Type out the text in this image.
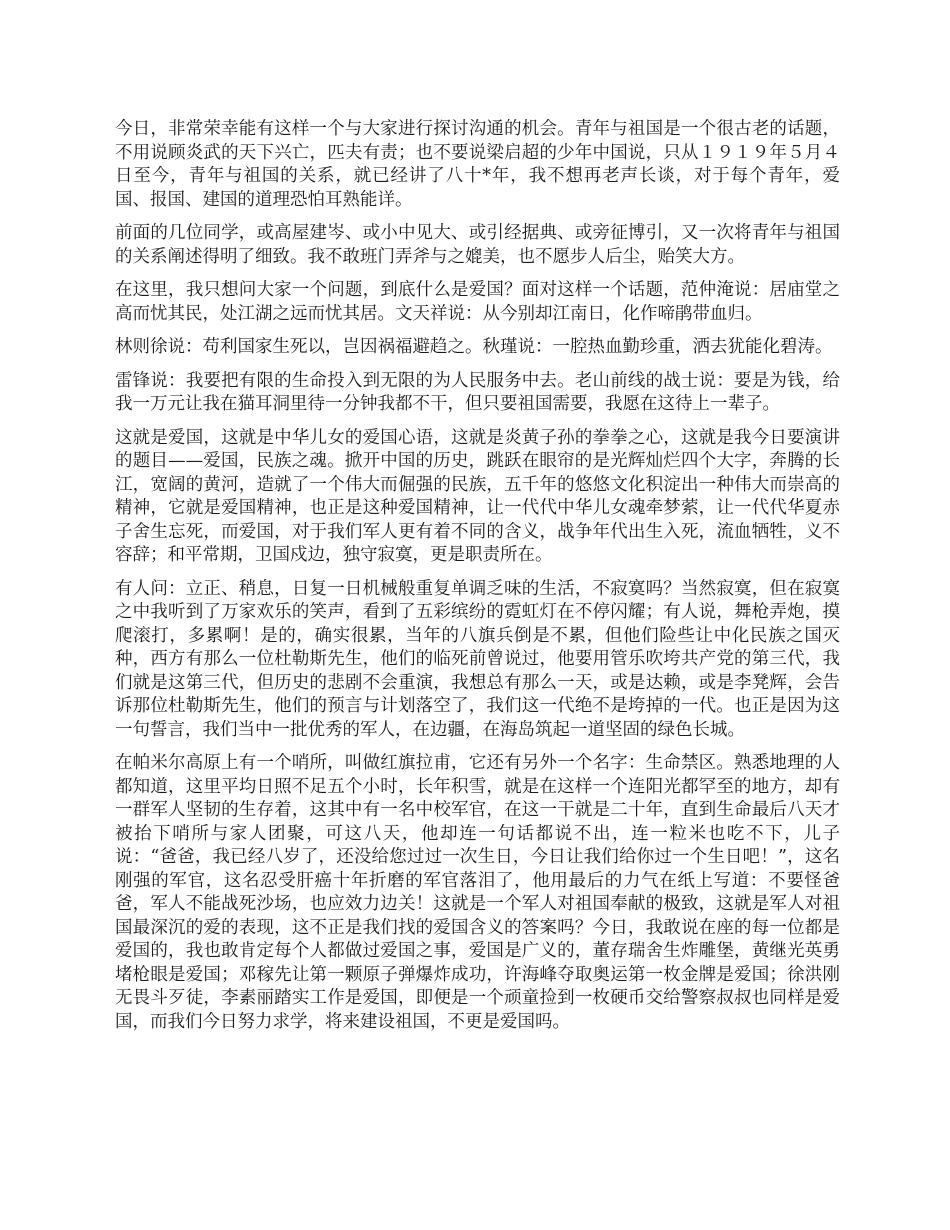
今日，非常荣幸能有这样一个与大家进行探讨沟通的机会。青年与祖国是一个很古老的话题，不用说顾炎武的天下兴亡，匹夫有责；也不要说梁启超的少年中国说，只从１９１９年５月４日至今，青年与祖国的关系，就已经讲了八十*年，我不想再老声长谈，对于每个青年，爱国、报国、建国的道理恐怕耳熟能详。

前面的几位同学，或高屋建岑、或小中见大、或引经据典、或旁征博引，又一次将青年与祖国的关系阐述得明了细致。我不敢班门弄斧与之媲美，也不愿步人后尘，贻笑大方。

在这里，我只想问大家一个问题，到底什么是爱国？面对这样一个话题，范仲淹说：居庙堂之高而忧其民，处江湖之远而忧其居。文天祥说：从今别却江南日，化作啼鹃带血归。

林则徐说：苟利国家生死以，岂因祸福避趋之。秋瑾说：一腔热血勤珍重，洒去犹能化碧涛。

雷锋说：我要把有限的生命投入到无限的为人民服务中去。老山前线的战士说：要是为钱，给我一万元让我在猫耳洞里待一分钟我都不干，但只要祖国需要，我愿在这待上一辈子。

这就是爱国，这就是中华儿女的爱国心语，这就是炎黄子孙的拳拳之心，这就是我今日要演讲的题目——爱国，民族之魂。掀开中国的历史，跳跃在眼帘的是光辉灿烂四个大字，奔腾的长江，宽阔的黄河，造就了一个伟大而倔强的民族，五千年的悠悠文化积淀出一种伟大而崇高的精神，它就是爱国精神，也正是这种爱国精神，让一代代中华儿女魂牵梦萦，让一代代华夏赤子舍生忘死，而爱国，对于我们军人更有着不同的含义，战争年代出生入死，流血牺牲，义不容辞；和平常期，卫国戍边，独守寂寞，更是职责所在。

有人问：立正、稍息，日复一日机械般重复单调乏味的生活，不寂寞吗？当然寂寞，但在寂寞之中我听到了万家欢乐的笑声，看到了五彩缤纷的霓虹灯在不停闪耀；有人说，舞枪弄炮，摸爬滚打，多累啊！是的，确实很累，当年的八旗兵倒是不累，但他们险些让中化民族之国灭种，西方有那么一位杜勒斯先生，他们的临死前曾说过，他要用管乐吹垮共产党的第三代，我们就是这第三代，但历史的悲剧不会重演，我想总有那么一天，或是达赖，或是李凳辉，会告诉那位杜勒斯先生，他们的预言与计划落空了，我们这一代绝不是垮掉的一代。也正是因为这一句誓言，我们当中一批优秀的军人，在边疆，在海岛筑起一道坚固的绿色长城。

在帕米尔高原上有一个哨所，叫做红旗拉甫，它还有另外一个名字：生命禁区。熟悉地理的人都知道，这里平均日照不足五个小时，长年积雪，就是在这样一个连阳光都罕至的地方，却有一群军人坚韧的生存着，这其中有一名中校军官，在这一干就是二十年，直到生命最后八天才被抬下哨所与家人团聚，可这八天，他却连一句话都说不出，连一粒米也吃不下，儿子说：“爸爸，我已经八岁了，还没给您过过一次生日，今日让我们给你过一个生日吧！”，这名刚强的军官，这名忍受肝癌十年折磨的军官落泪了，他用最后的力气在纸上写道：不要怪爸爸，军人不能战死沙场，也应效力边关！这就是一个军人对祖国奉献的极致，这就是军人对祖国最深沉的爱的表现，这不正是我们找的爱国含义的答案吗？今日，我敢说在座的每一位都是爱国的，我也敢肯定每个人都做过爱国之事，爱国是广义的，董存瑞舍生炸雕堡，黄继光英勇堵枪眼是爱国；邓稼先让第一颗原子弹爆炸成功，许海峰夺取奥运第一枚金牌是爱国；徐洪刚无畏斗歹徒，李素丽踏实工作是爱国，即便是一个顽童捡到一枚硬币交给警察叔叔也同样是爱国，而我们今日努力求学，将来建设祖国，不更是爱国吗。
